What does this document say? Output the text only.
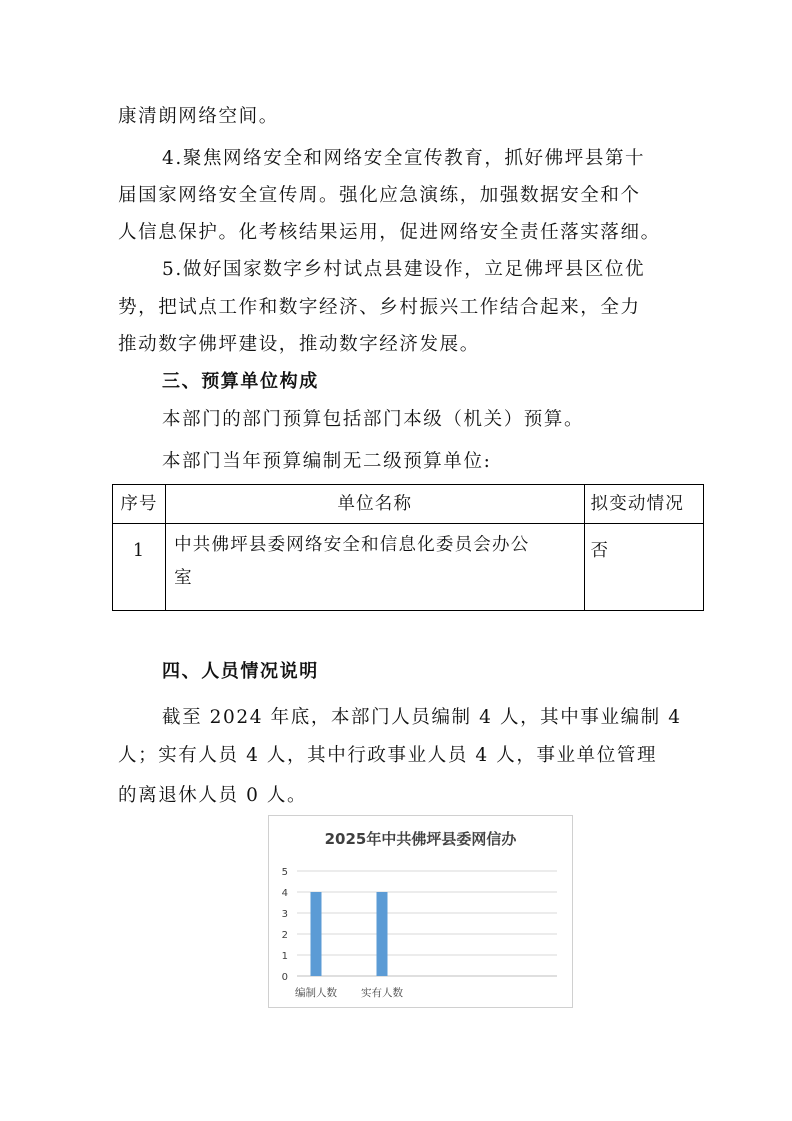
康清朗网络空间。
4.聚焦网络安全和网络安全宣传教育，抓好佛坪县第十
届国家网络安全宣传周。强化应急演练，加强数据安全和个
人信息保护。化考核结果运用，促进网络安全责任落实落细。
5.做好国家数字乡村试点县建设作，立足佛坪县区位优
势，把试点工作和数字经济、乡村振兴工作结合起来，全力
推动数字佛坪建设，推动数字经济发展。
三、预算单位构成
本部门的部门预算包括部门本级（机关）预算。
本部门当年预算编制无二级预算单位:
序号	单位名称	拟变动情况
1	中共佛坪县委网络安全和信息化委员会办公
室	否
四、人员情况说明
截至 2024 年底，本部门人员编制 4 人，其中事业编制 4
人；实有人员 4 人，其中行政事业人员 4 人，事业单位管理
的离退休人员 0 人。
2025年中共佛坪县委网信办
0
1
2
3
4
5
编制人数 实有人数
